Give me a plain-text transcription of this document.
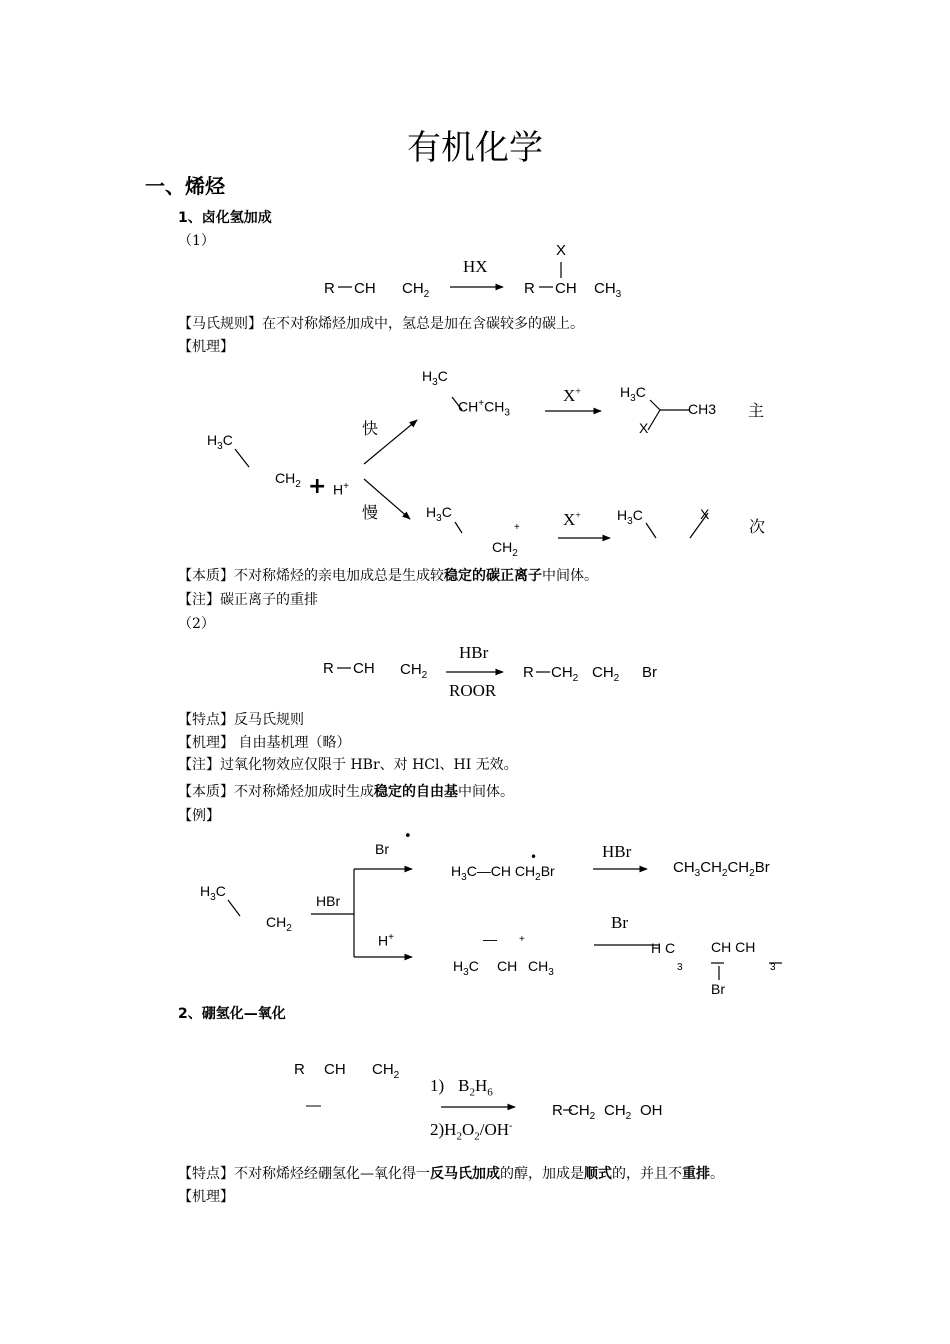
有机化学
一、烯烃
1、卤化氢加成
（1）
R CH $CH_2$
HX
X
R CH $CH_3$
【马氏规则】在不对称烯烃加成中，氢总是加在含碳较多的碳上。
【机理】
$H_3C$
$CH_2 + H^+$
快
慢
$H_3C$
$CH^+CH_3$
X+	$H_3C$
CH3
X
主
$H_3C$
+
$CH_2$
X+	$H_3C$	X
次
【本质】不对称烯烃的亲电加成总是生成较稳定的碳正离子中间体。
【注】碳正离子的重排
（2）
R CH $CH_2$
HBr
ROOR
R $CH_2$ $CH_2$ Br
【特点】反马氏规则
【机理】 自由基机理（略）
【注】过氧化物效应仅限于 HBr、对 HCl、HI 无效。
【本质】不对称烯烃加成时生成稳定的自由基中间体。
【例】
$H_3C$
$CH_2$
HBr
Br
•
$H_3C—CH$ $CH_2Br$
•	HBr
$CH_3CH_2CH_2Br$
H+	— +
$H_3C$ CH $CH_3$
Br
H C
3
CH CH
3
Br
2、硼氢化—氧化
R CH $CH_2$
—
1) $B_2H_6$
$2)H_2O_2/OH^-$
R $CH_2$ $CH_2$ OH
【特点】不对称烯烃经硼氢化—氧化得一反马氏加成的醇，加成是顺式的，并且不重排。
【机理】
